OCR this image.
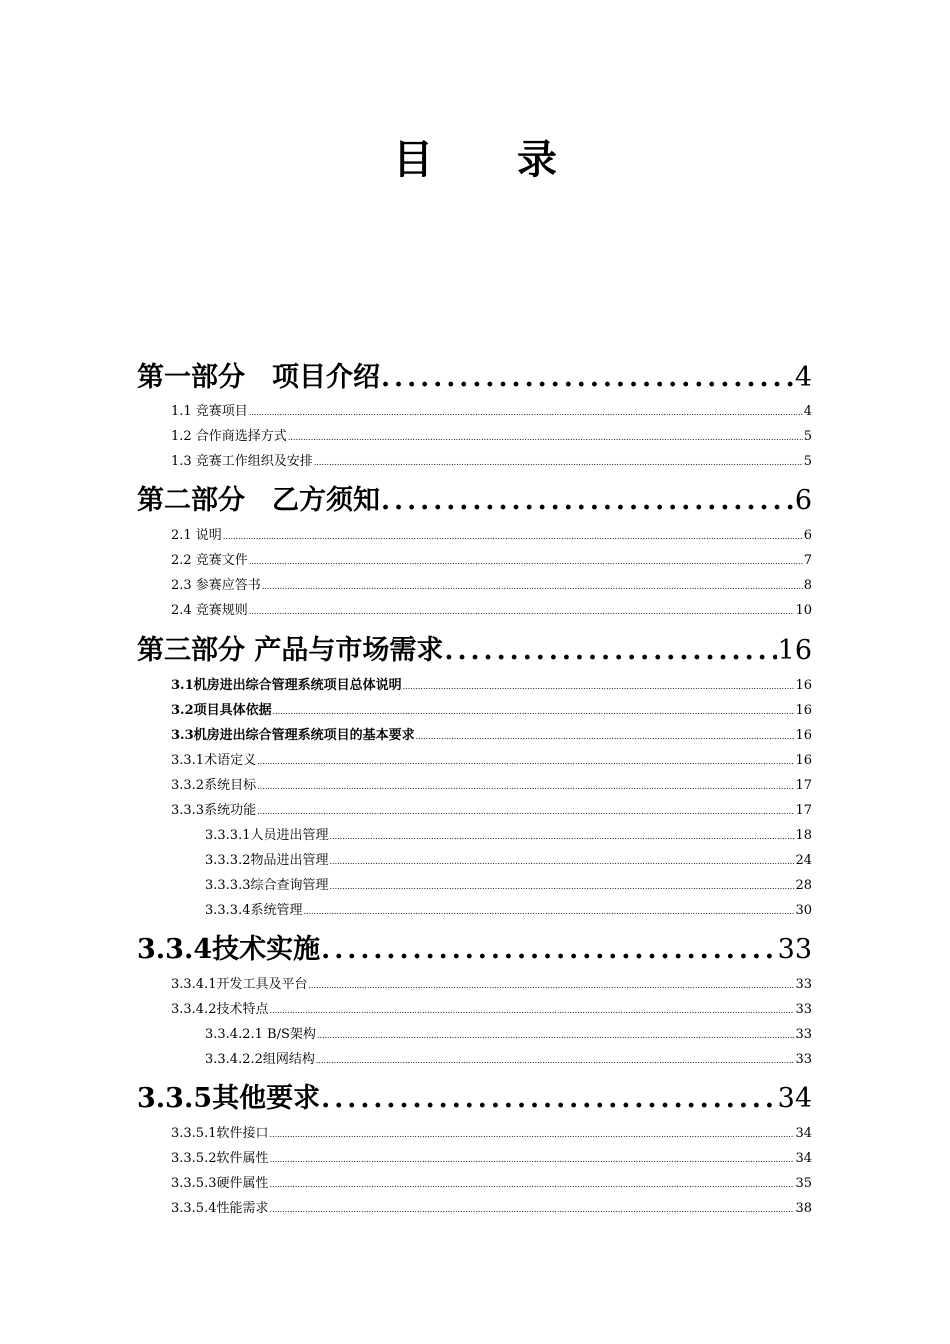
目 录
第一部分　项目介绍 .....	4
1.1 竞赛项目 .....	4
1.2 合作商选择方式 .....	5
1.3 竞赛工作组织及安排 .....	5
第二部分　乙方须知 .....	6
2.1 说明 .....	6
2.2 竞赛文件 .....	7
2.3 参赛应答书 .....	8
2.4 竞赛规则 .....	10
第三部分 产品与市场需求 .....	16
3.1机房进出综合管理系统项目总体说明 .....	16
3.2项目具体依据 .....	16
3.3机房进出综合管理系统项目的基本要求 .....	16
3.3.1术语定义 .....	16
3.3.2系统目标 .....	17
3.3.3系统功能 .....	17
3.3.3.1人员进出管理 .....	18
3.3.3.2物品进出管理 .....	24
3.3.3.3综合查询管理 .....	28
3.3.3.4系统管理 .....	30
3.3.4技术实施 .....	33
3.3.4.1开发工具及平台 .....	33
3.3.4.2技术特点 .....	33
3.3.4.2.1 B/S架构 .....	33
3.3.4.2.2组网结构 .....	33
3.3.5其他要求 .....	34
3.3.5.1软件接口 .....	34
3.3.5.2软件属性 .....	34
3.3.5.3硬件属性 .....	35
3.3.5.4性能需求 .....	38
